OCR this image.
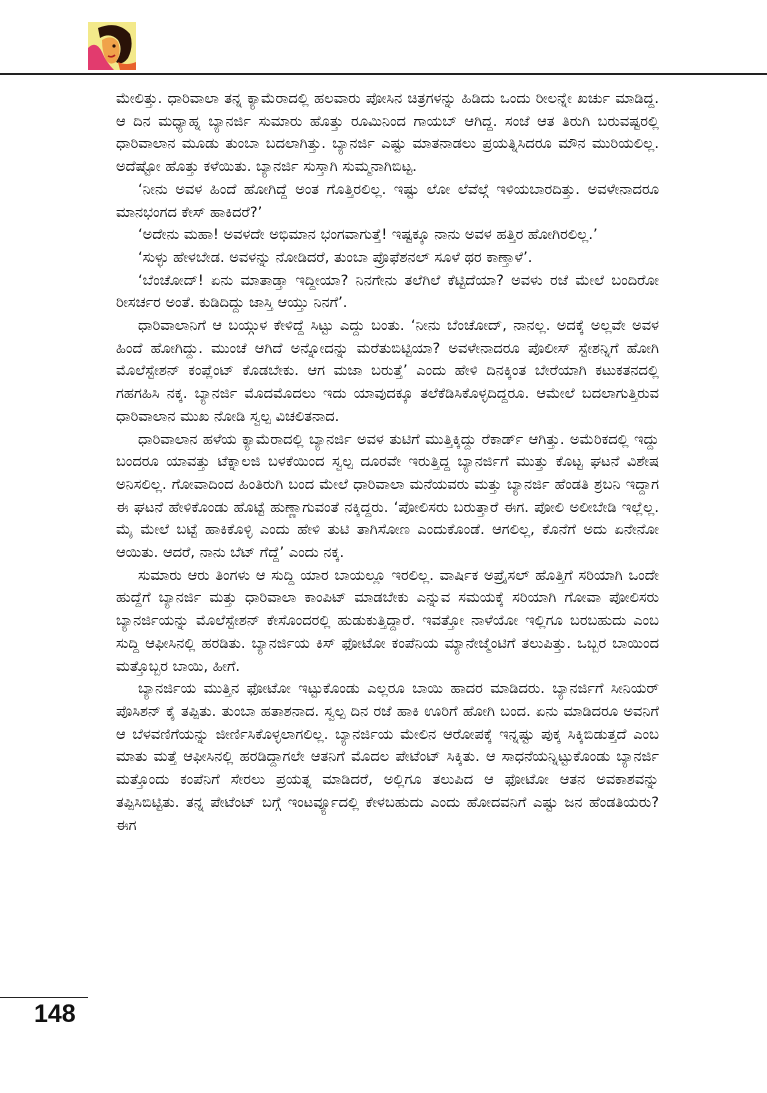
ಮೇಲಿತ್ತು. ಧಾರಿವಾಲಾ ತನ್ನ ಕ್ಯಾಮೆರಾದಲ್ಲಿ ಹಲವಾರು ಪೋಸಿನ ಚಿತ್ರಗಳನ್ನು ಹಿಡಿದು ಒಂದು ರೀಲನ್ನೇ ಖರ್ಚು ಮಾಡಿದ್ದ. ಆ ದಿನ ಮಧ್ಯಾಹ್ನ ಬ್ಯಾನರ್ಜಿ ಸುಮಾರು ಹೊತ್ತು ರೂಮಿನಿಂದ ಗಾಯಬ್ ಆಗಿದ್ದ. ಸಂಜೆ ಆತ ತಿರುಗಿ ಬರುವಷ್ಟರಲ್ಲಿ ಧಾರಿವಾಲಾನ ಮೂಡು ತುಂಬಾ ಬದಲಾಗಿತ್ತು. ಬ್ಯಾನರ್ಜಿ ಎಷ್ಟು ಮಾತನಾಡಲು ಪ್ರಯತ್ನಿಸಿದರೂ ಮೌನ ಮುರಿಯಲಿಲ್ಲ. ಅದೆಷ್ಟೋ ಹೊತ್ತು ಕಳೆಯಿತು. ಬ್ಯಾನರ್ಜಿ ಸುಸ್ತಾಗಿ ಸುಮ್ಮನಾಗಿಬಿಟ್ಟ.

‘ನೀನು ಅವಳ ಹಿಂದೆ ಹೋಗಿದ್ದೆ ಅಂತ ಗೊತ್ತಿರಲಿಲ್ಲ. ಇಷ್ಟು ಲೋ ಲೆವೆಲ್ಗೆ ಇಳಿಯಬಾರದಿತ್ತು. ಅವಳೇನಾದರೂ ಮಾನಭಂಗದ ಕೇಸ್ ಹಾಕಿದರೆ?’

‘ಅದೇನು ಮಹಾ! ಅವಳದೇ ಅಭಿಮಾನ ಭಂಗವಾಗುತ್ತೆ! ಇಷ್ಟಕ್ಕೂ ನಾನು ಅವಳ ಹತ್ತಿರ ಹೋಗಿರಲಿಲ್ಲ.’

‘ಸುಳ್ಳು ಹೇಳಬೇಡ. ಅವಳನ್ನು ನೋಡಿದರೆ, ತುಂಬಾ ಪ್ರೊಫೆಶನಲ್ ಸೂಳೆ ಥರ ಕಾಣ್ತಾಳೆ’.

‘ಬೆಂಚೋದ್! ಏನು ಮಾತಾಡ್ತಾ ಇದ್ದೀಯಾ? ನಿನಗೇನು ತಲೆಗಿಲೆ ಕೆಟ್ಟಿದೆಯಾ? ಅವಳು ರಜೆ ಮೇಲೆ ಬಂದಿರೋ ರೀಸರ್ಚರ ಅಂತೆ. ಕುಡಿದಿದ್ದು ಜಾಸ್ತಿ ಆಯ್ತು ನಿನಗೆ’.

ಧಾರಿವಾಲಾನಿಗೆ ಆ ಬಯ್ಗುಳ ಕೇಳಿದ್ದೆ ಸಿಟ್ಟು ಎದ್ದು ಬಂತು. ‘ನೀನು ಬೆಂಚೋದ್, ನಾನಲ್ಲ. ಅದಕ್ಕೆ ಅಲ್ಲವೇ ಅವಳ ಹಿಂದೆ ಹೋಗಿದ್ದು. ಮುಂಚೆ ಆಗಿದೆ ಅನ್ನೋದನ್ನು ಮರೆತುಬಿಟ್ಟಿಯಾ? ಅವಳೇನಾದರೂ ಪೊಲೀಸ್ ಸ್ಟೇಶನ್ನಿಗೆ ಹೋಗಿ ಮೊಲೆಸ್ಟೇಶನ್ ಕಂಪ್ಲೆಂಟ್ ಕೊಡಬೇಕು. ಆಗ ಮಜಾ ಬರುತ್ತೆ’ ಎಂದು ಹೇಳಿ ದಿನಕ್ಕಿಂತ ಬೇರೆಯಾಗಿ ಕಟುಕತನದಲ್ಲಿ ಗಹಗಹಿಸಿ ನಕ್ಕ. ಬ್ಯಾನರ್ಜಿ ಮೊದಮೊದಲು ಇದು ಯಾವುದಕ್ಕೂ ತಲೆಕೆಡಿಸಿಕೊಳ್ಳದಿದ್ದರೂ. ಆಮೇಲೆ ಬದಲಾಗುತ್ತಿರುವ ಧಾರಿವಾಲಾನ ಮುಖ ನೋಡಿ ಸ್ವಲ್ಪ ವಿಚಲಿತನಾದ.

ಧಾರಿವಾಲಾನ ಹಳೆಯ ಕ್ಯಾಮೆರಾದಲ್ಲಿ ಬ್ಯಾನರ್ಜಿ ಅವಳ ತುಟಿಗೆ ಮುತ್ತಿಕ್ಕಿದ್ದು ರೆಕಾರ್ಡ್ ಆಗಿತ್ತು. ಅಮೆರಿಕದಲ್ಲಿ ಇದ್ದು ಬಂದರೂ ಯಾವತ್ತು ಟೆಕ್ನಾಲಜಿ ಬಳಕೆಯಿಂದ ಸ್ವಲ್ಪ ದೂರವೇ ಇರುತ್ತಿದ್ದ ಬ್ಯಾನರ್ಜಿಗೆ ಮುತ್ತು ಕೊಟ್ಟ ಘಟನೆ ವಿಶೇಷ ಅನಿಸಲಿಲ್ಲ. ಗೋವಾದಿಂದ ಹಿಂತಿರುಗಿ ಬಂದ ಮೇಲೆ ಧಾರಿವಾಲಾ ಮನೆಯವರು ಮತ್ತು ಬ್ಯಾನರ್ಜಿ ಹೆಂಡತಿ ಶ್ರಬನಿ ಇದ್ದಾಗ ಈ ಘಟನೆ ಹೇಳಿಕೊಂಡು ಹೊಟ್ಟೆ ಹುಣ್ಣಾಗುವಂತೆ ನಕ್ಕಿದ್ದರು. ‘ಪೋಲಿಸರು ಬರುತ್ತಾರೆ ಈಗ. ಪೋಲಿ ಅಲೀಬೇಡಿ ಇಲ್ಲೆಲ್ಲ. ಮೈ ಮೇಲೆ ಬಟ್ಟೆ ಹಾಕಿಕೊಳ್ಳಿ ಎಂದು ಹೇಳಿ ತುಟಿ ತಾಗಿಸೋಣ ಎಂದುಕೊಂಡೆ. ಆಗಲಿಲ್ಲ, ಕೊನೆಗೆ ಅದು ಏನೇನೋ ಆಯಿತು. ಆದರೆ, ನಾನು ಬೆಟ್ ಗೆದ್ದೆ’ ಎಂದು ನಕ್ಕ.

ಸುಮಾರು ಆರು ತಿಂಗಳು ಆ ಸುದ್ದಿ ಯಾರ ಬಾಯಲ್ಲೂ ಇರಲಿಲ್ಲ. ವಾರ್ಷಿಕ ಅಪ್ರೈಸಲ್ ಹೊತ್ತಿಗೆ ಸರಿಯಾಗಿ ಒಂದೇ ಹುದ್ದೆಗೆ ಬ್ಯಾನರ್ಜಿ ಮತ್ತು ಧಾರಿವಾಲಾ ಕಾಂಪಿಟ್ ಮಾಡಬೇಕು ಎನ್ನುವ ಸಮಯಕ್ಕೆ ಸರಿಯಾಗಿ ಗೋವಾ ಪೋಲಿಸರು ಬ್ಯಾನರ್ಜಿಯನ್ನು ಮೊಲೆಸ್ಟೇಶನ್ ಕೇಸೊಂದರಲ್ಲಿ ಹುಡುಕುತ್ತಿದ್ದಾರೆ. ಇವತ್ತೋ ನಾಳೆಯೋ ಇಲ್ಲಿಗೂ ಬರಬಹುದು ಎಂಬ ಸುದ್ದಿ ಆಫೀಸಿನಲ್ಲಿ ಹರಡಿತು. ಬ್ಯಾನರ್ಜಿಯ ಕಿಸ್ ಫೋಟೋ ಕಂಪೆನಿಯ ಮ್ಯಾನೇಜ್ಮೆಂಟಿಗೆ ತಲುಪಿತ್ತು. ಒಬ್ಬರ ಬಾಯಿಂದ ಮತ್ತೊಬ್ಬರ ಬಾಯಿ, ಹೀಗೆ.

ಬ್ಯಾನರ್ಜಿಯ ಮುತ್ತಿನ ಫೋಟೋ ಇಟ್ಟುಕೊಂಡು ಎಲ್ಲರೂ ಬಾಯಿ ಹಾದರ ಮಾಡಿದರು. ಬ್ಯಾನರ್ಜಿಗೆ ಸೀನಿಯರ್ ಪೊಸಿಶನ್ ಕೈ ತಪ್ಪಿತು. ತುಂಬಾ ಹತಾಶನಾದ. ಸ್ವಲ್ಪ ದಿನ ರಜೆ ಹಾಕಿ ಊರಿಗೆ ಹೋಗಿ ಬಂದ. ಏನು ಮಾಡಿದರೂ ಅವನಿಗೆ ಆ ಬೆಳವಣಿಗೆಯನ್ನು ಜೀರ್ಣಿಸಿಕೊಳ್ಳಲಾಗಲಿಲ್ಲ. ಬ್ಯಾನರ್ಜಿಯ ಮೇಲಿನ ಆರೋಪಕ್ಕೆ ಇನ್ನಷ್ಟು ಪುಕ್ಕ ಸಿಕ್ಕಿಬಿಡುತ್ತದೆ ಎಂಬ ಮಾತು ಮತ್ತೆ ಆಫೀಸಿನಲ್ಲಿ ಹರಡಿದ್ದಾಗಲೇ ಆತನಿಗೆ ಮೊದಲ ಪೇಟೆಂಟ್ ಸಿಕ್ಕಿತು. ಆ ಸಾಧನೆಯನ್ನಿಟ್ಟುಕೊಂಡು ಬ್ಯಾನರ್ಜಿ ಮತ್ತೊಂದು ಕಂಪೆನಿಗೆ ಸೇರಲು ಪ್ರಯತ್ನ ಮಾಡಿದರೆ, ಅಲ್ಲಿಗೂ ತಲುಪಿದ ಆ ಫೋಟೋ ಆತನ ಅವಕಾಶವನ್ನು ತಪ್ಪಿಸಿಬಿಟ್ಟಿತು. ತನ್ನ ಪೇಟೆಂಟ್ ಬಗ್ಗೆ ಇಂಟರ್ವ್ಯೂದಲ್ಲಿ ಕೇಳಬಹುದು ಎಂದು ಹೋದವನಿಗೆ ಎಷ್ಟು ಜನ ಹೆಂಡತಿಯರು? ಈಗ

148
